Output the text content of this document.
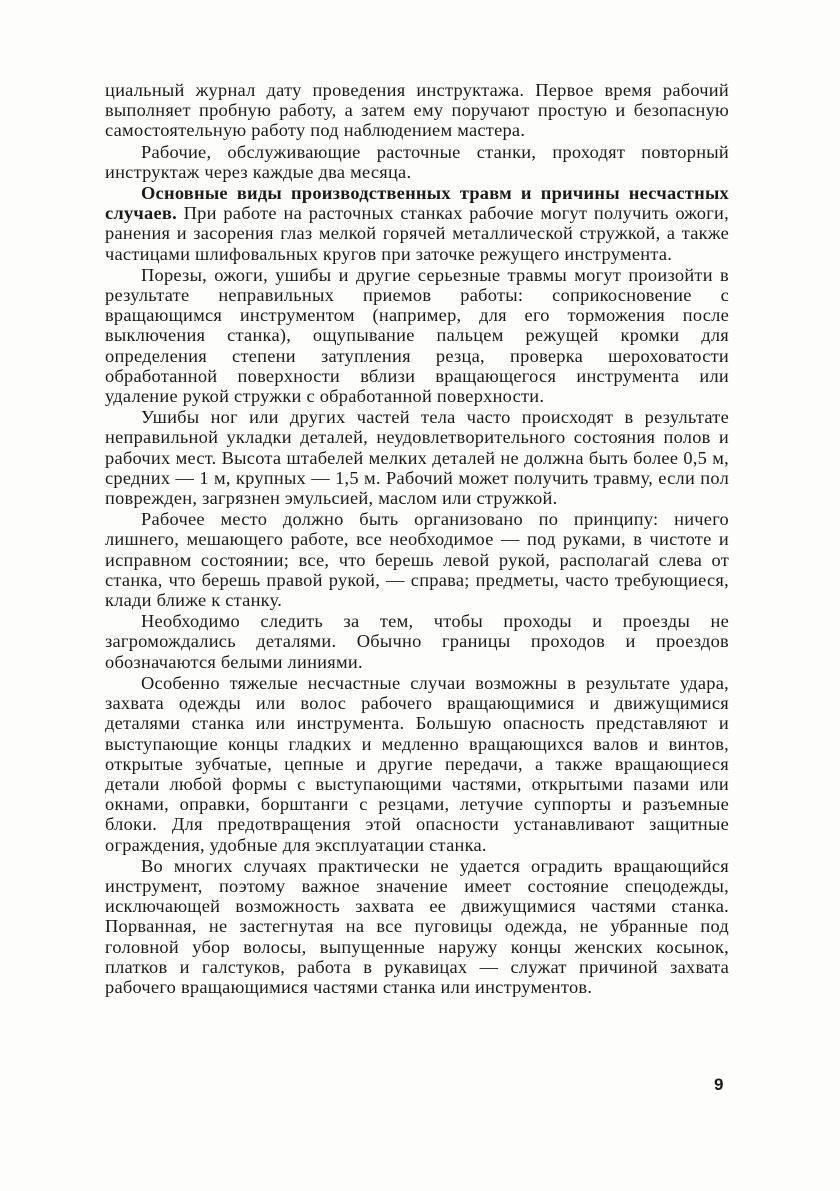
циальный журнал дату проведения инструктажа. Первое время рабочий выполняет пробную работу, а затем ему поручают простую и безопасную самостоятельную работу под наблюдением мастера.

Рабочие, обслуживающие расточные станки, проходят повторный инструктаж через каждые два месяца.

Основные виды производственных травм и причины несчастных случаев. При работе на расточных станках рабочие могут получить ожоги, ранения и засорения глаз мелкой горячей металлической стружкой, а также частицами шлифовальных кругов при заточке режущего инструмента.

Порезы, ожоги, ушибы и другие серьезные травмы могут произойти в результате неправильных приемов работы: соприкосновение с вращающимся инструментом (например, для его торможения после выключения станка), ощупывание пальцем режущей кромки для определения степени затупления резца, проверка шероховатости обработанной поверхности вблизи вращающегося инструмента или удаление рукой стружки с обработанной поверхности.

Ушибы ног или других частей тела часто происходят в результате неправильной укладки деталей, неудовлетворительного состояния полов и рабочих мест. Высота штабелей мелких деталей не должна быть более 0,5 м, средних — 1 м, крупных — 1,5 м. Рабочий может получить травму, если пол поврежден, загрязнен эмульсией, маслом или стружкой.

Рабочее место должно быть организовано по принципу: ничего лишнего, мешающего работе, все необходимое — под руками, в чистоте и исправном состоянии; все, что берешь левой рукой, располагай слева от станка, что берешь правой рукой, — справа; предметы, часто требующиеся, клади ближе к станку.

Необходимо следить за тем, чтобы проходы и проезды не загромождались деталями. Обычно границы проходов и проездов обозначаются белыми линиями.

Особенно тяжелые несчастные случаи возможны в результате удара, захвата одежды или волос рабочего вращающимися и движущимися деталями станка или инструмента. Большую опасность представляют и выступающие концы гладких и медленно вращающихся валов и винтов, открытые зубчатые, цепные и другие передачи, а также вращающиеся детали любой формы с выступающими частями, открытыми пазами или окнами, оправки, борштанги с резцами, летучие суппорты и разъемные блоки. Для предотвращения этой опасности устанавливают защитные ограждения, удобные для эксплуатации станка.

Во многих случаях практически не удается оградить вращающийся инструмент, поэтому важное значение имеет состояние спецодежды, исключающей возможность захвата ее движущимися частями станка. Порванная, не застегнутая на все пуговицы одежда, не убранные под головной убор волосы, выпущенные наружу концы женских косынок, платков и галстуков, работа в рукавицах — служат причиной захвата рабочего вращающимися частями станка или инструментов.

9
